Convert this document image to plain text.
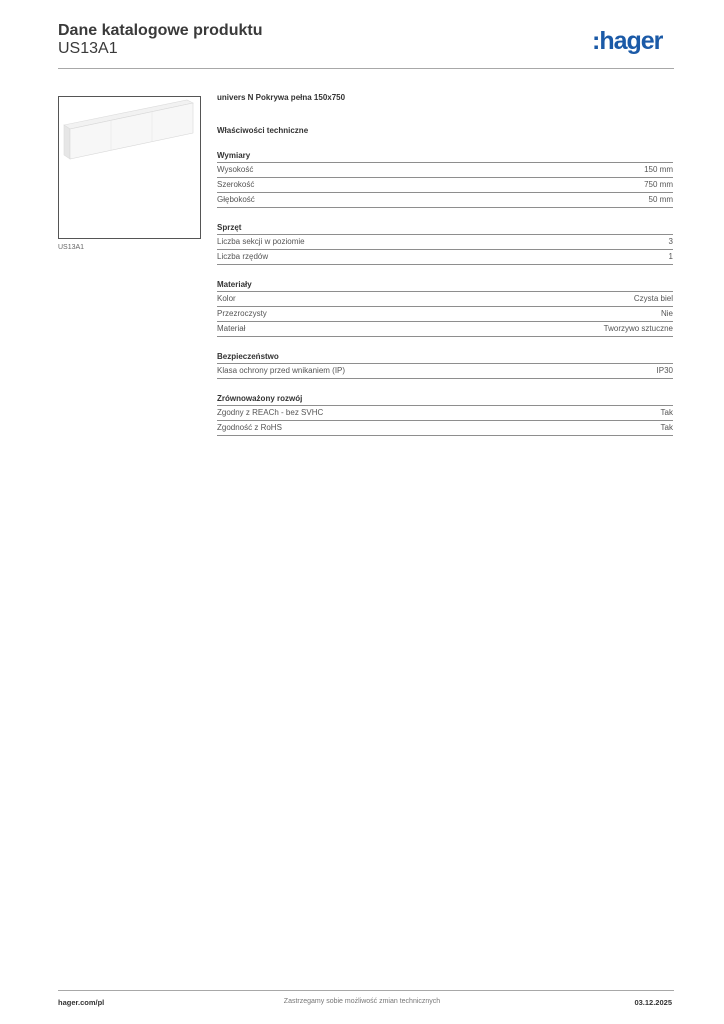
Dane katalogowe produktu
US13A1	:hager
US13A1
univers N Pokrywa pełna 150x750
Właściwości techniczne
Wymiary
Wysokość	150 mm
Szerokość	750 mm
Głębokość	50 mm
Sprzęt
Liczba sekcji w poziomie	3
Liczba rzędów	1
Materiały
Kolor	Czysta biel
Przezroczysty	Nie
Materiał	Tworzywo sztuczne
Bezpieczeństwo
Klasa ochrony przed wnikaniem (IP)	IP30
Zrównoważony rozwój
Zgodny z REACh - bez SVHC	Tak
Zgodność z RoHS	Tak
hager.com/pl	Zastrzegamy sobie możliwość zmian technicznych	03.12.2025
